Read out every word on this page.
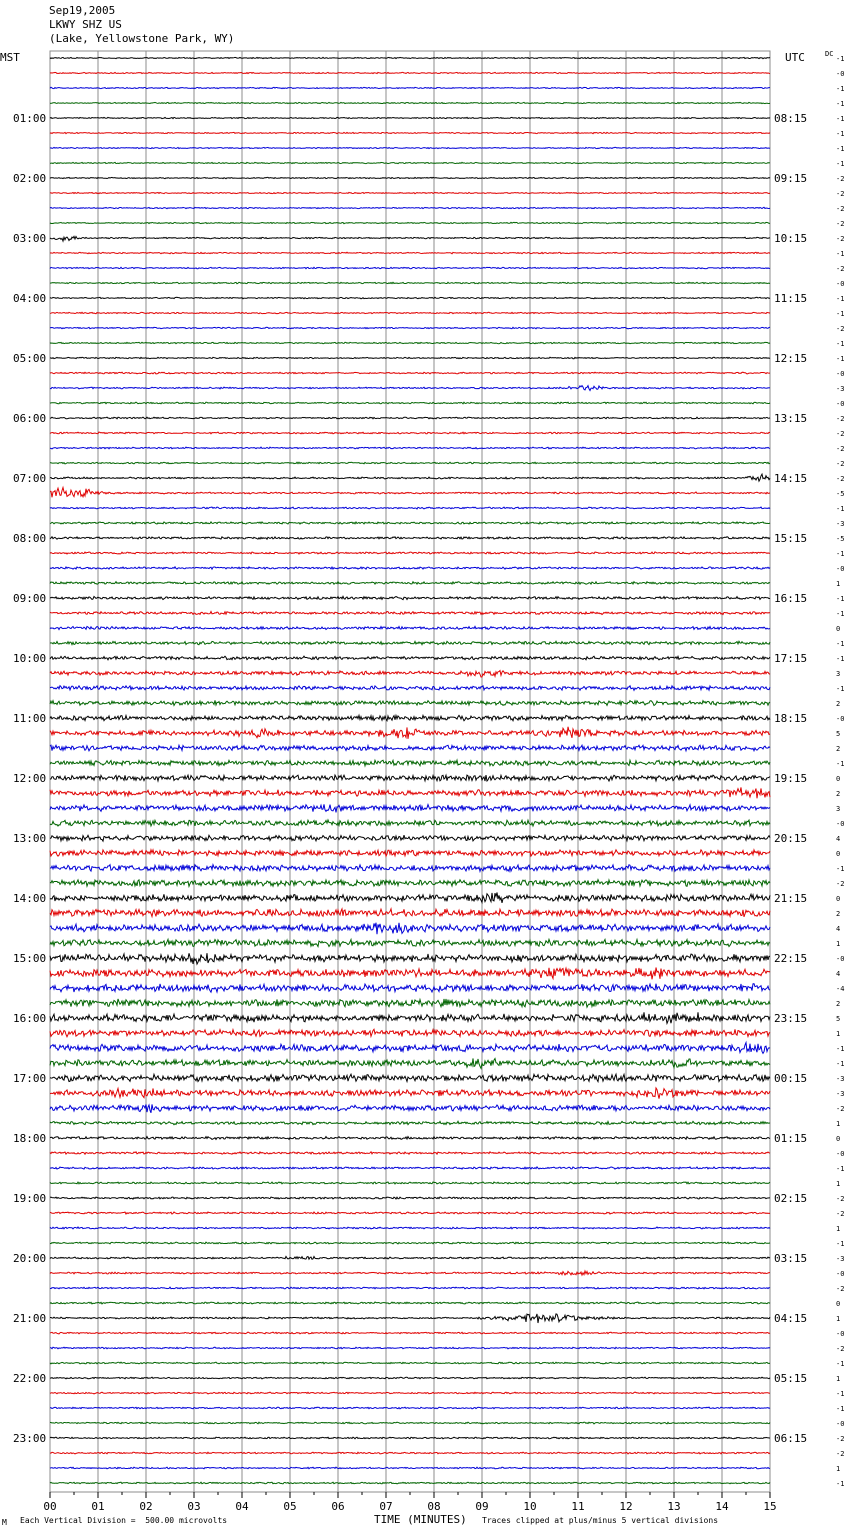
Sep19,2005
LKWY SHZ US
(Lake, Yellowstone Park, WY)
MST	UTC	DC
01:00
02:00
03:00
04:00
05:00
06:00
07:00
08:00
09:00
10:00
11:00
12:00
13:00
14:00
15:00
16:00
17:00
18:00
19:00
20:00
21:00
22:00
23:00
08:15
09:15
10:15
11:15
12:15
13:15
14:15
15:15
16:15
17:15
18:15
19:15
20:15
21:15
22:15
23:15
00:15
01:15
02:15
03:15
04:15
05:15
06:15
-1
-0
-1
-1
-1
-1
-1
-1
-2
-2
-2
-2
-2
-1
-2
-0
-1
-1
-2
-1
-1
-0
-3
-0
-2
-2
-2
-2
-2
-5
-1
-3
-5
-1
-0
1
-1
-1
0
-1
-1
3
-1
2
-0
5
2
-1
0
2
3
-0
4
0
-1
-2
0
2
4
1
-0
4
-4
2
5
1
-1
-1
-3
-3
-2
1
0
-0
-1
1
-2
-2
1
-1
-3
-0
-2
0
1
-0
-2
-1
1
-1
-1
-0
-2
-2
1
-1
00	01	02	03	04	05	06	07	08	09	10	11	12	13	14	15
M Each Vertical Division =  500.00 microvolts	TIME (MINUTES) Traces clipped at plus/minus 5 vertical divisions
